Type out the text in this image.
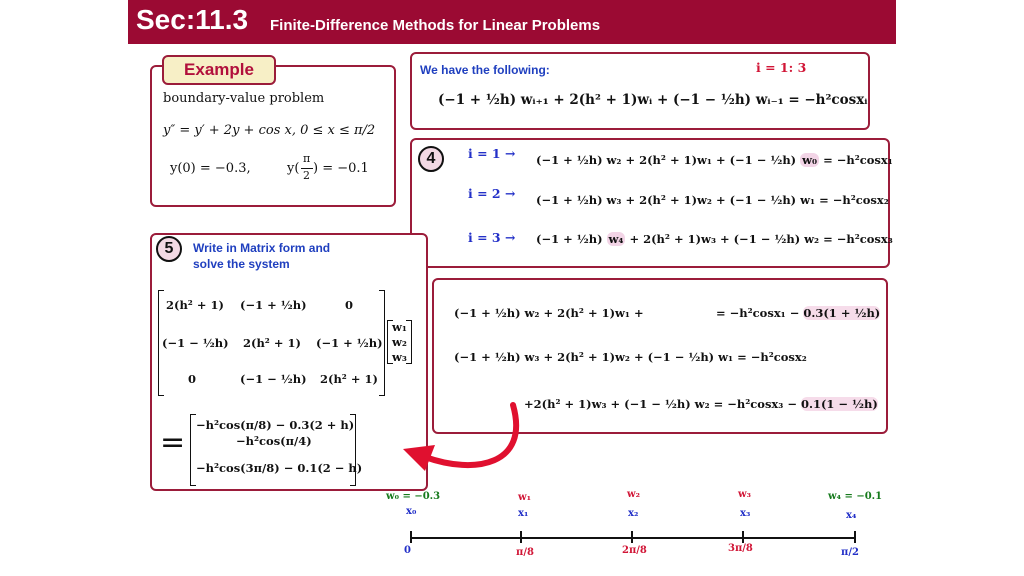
Sec:11.3 Finite-Difference Methods for Linear Problems
Example
boundary-value problem
y″ = y′ + 2y + cos x, 0 ≤ x ≤ π/2
y(0) = −0.3,	y(
π
2 ) = −0.1
We have the following:	i = 1: 3
(−1 + ½h) wᵢ₊₁ + 2(h² + 1)wᵢ + (−1 − ½h) wᵢ₋₁ = −h²cosxᵢ
4	i = 1 → (−1 + ½h) w₂ + 2(h² + 1)w₁ + (−1 − ½h) w₀ = −h²cosx₁
i = 2 → (−1 + ½h) w₃ + 2(h² + 1)w₂ + (−1 − ½h) w₁ = −h²cosx₂
i = 3 → (−1 + ½h) w₄ + 2(h² + 1)w₃ + (−1 − ½h) w₂ = −h²cosx₃
5	Write in Matrix form and
solve the system
2(h² + 1) (−1 + ½h)	0
(−1 − ½h) 2(h² + 1) (−1 + ½h)
0	(−1 − ½h) 2(h² + 1)
w₁
w₂
w₃
= −h²cos(π/8) − 0.3(2 + h)
−h²cos(π/4)
−h²cos(3π/8) − 0.1(2 − h)
(−1 + ½h) w₂ + 2(h² + 1)w₁ +	= −h²cosx₁ − 0.3(1 + ½h)
(−1 + ½h) w₃ + 2(h² + 1)w₂ + (−1 − ½h) w₁ = −h²cosx₂
+2(h² + 1)w₃ + (−1 − ½h) w₂ = −h²cosx₃ − 0.1(1 − ½h)
w₀ = −0.3	w₁	w₂	w₃	w₄ = −0.1
x₀	x₁	x₂	x₃	x₄
0	π/8	2π/8	3π/8	π/2
